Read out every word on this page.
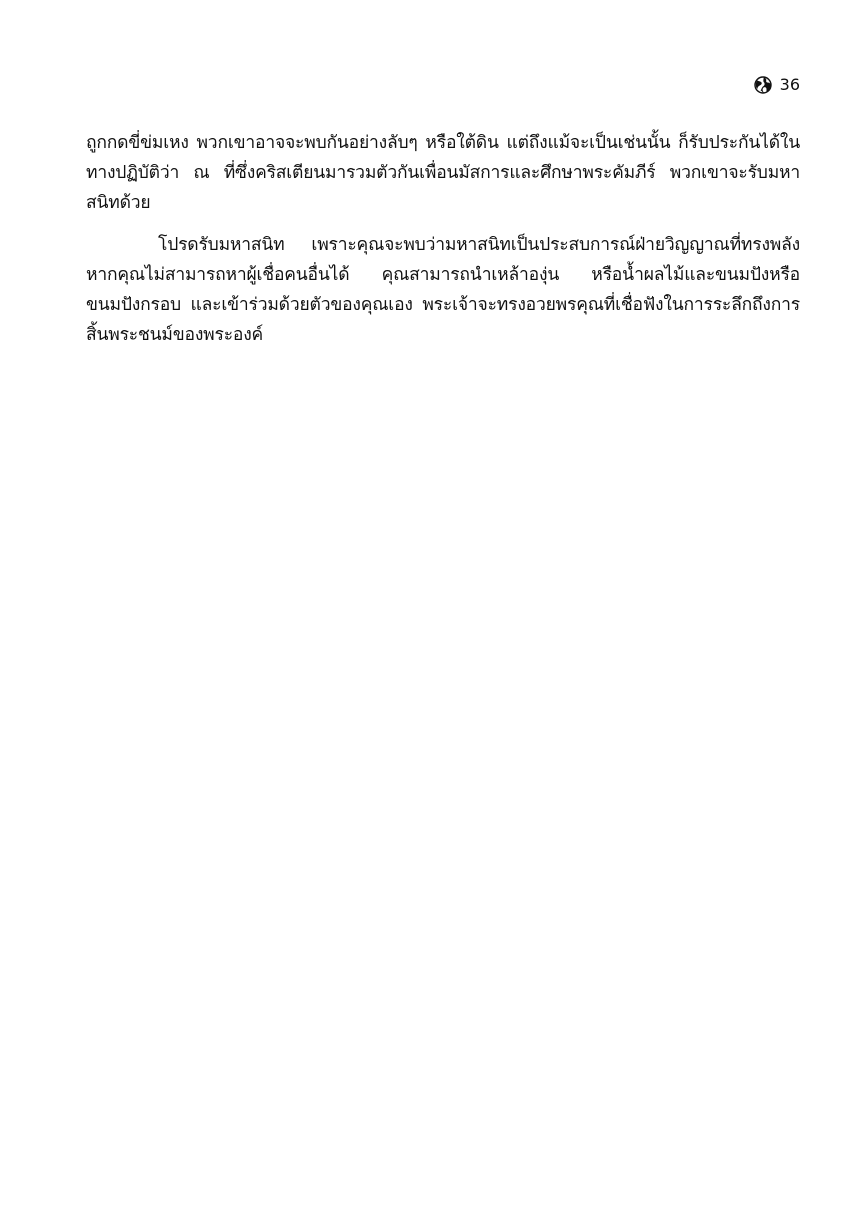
36

ถูกกดขี่ข่มเหง พวกเขาอาจจะพบกันอย่างลับๆ หรือใต้ดิน แต่ถึงแม้จะเป็นเช่นนั้น ก็รับประกันได้ในทางปฏิบัติว่า ณ ที่ซึ่งคริสเตียนมารวมตัวกันเพื่อนมัสการและศึกษาพระคัมภีร์ พวกเขาจะรับมหาสนิทด้วย

โปรดรับมหาสนิท เพราะคุณจะพบว่ามหาสนิทเป็นประสบการณ์ฝ่ายวิญญาณที่ทรงพลัง หากคุณไม่สามารถหาผู้เชื่อคนอื่นได้ คุณสามารถนำเหล้าองุ่น หรือน้ำผลไม้และขนมปังหรือขนมปังกรอบ และเข้าร่วมด้วยตัวของคุณเอง พระเจ้าจะทรงอวยพรคุณที่เชื่อฟังในการระลึกถึงการสิ้นพระชนม์ของพระองค์
